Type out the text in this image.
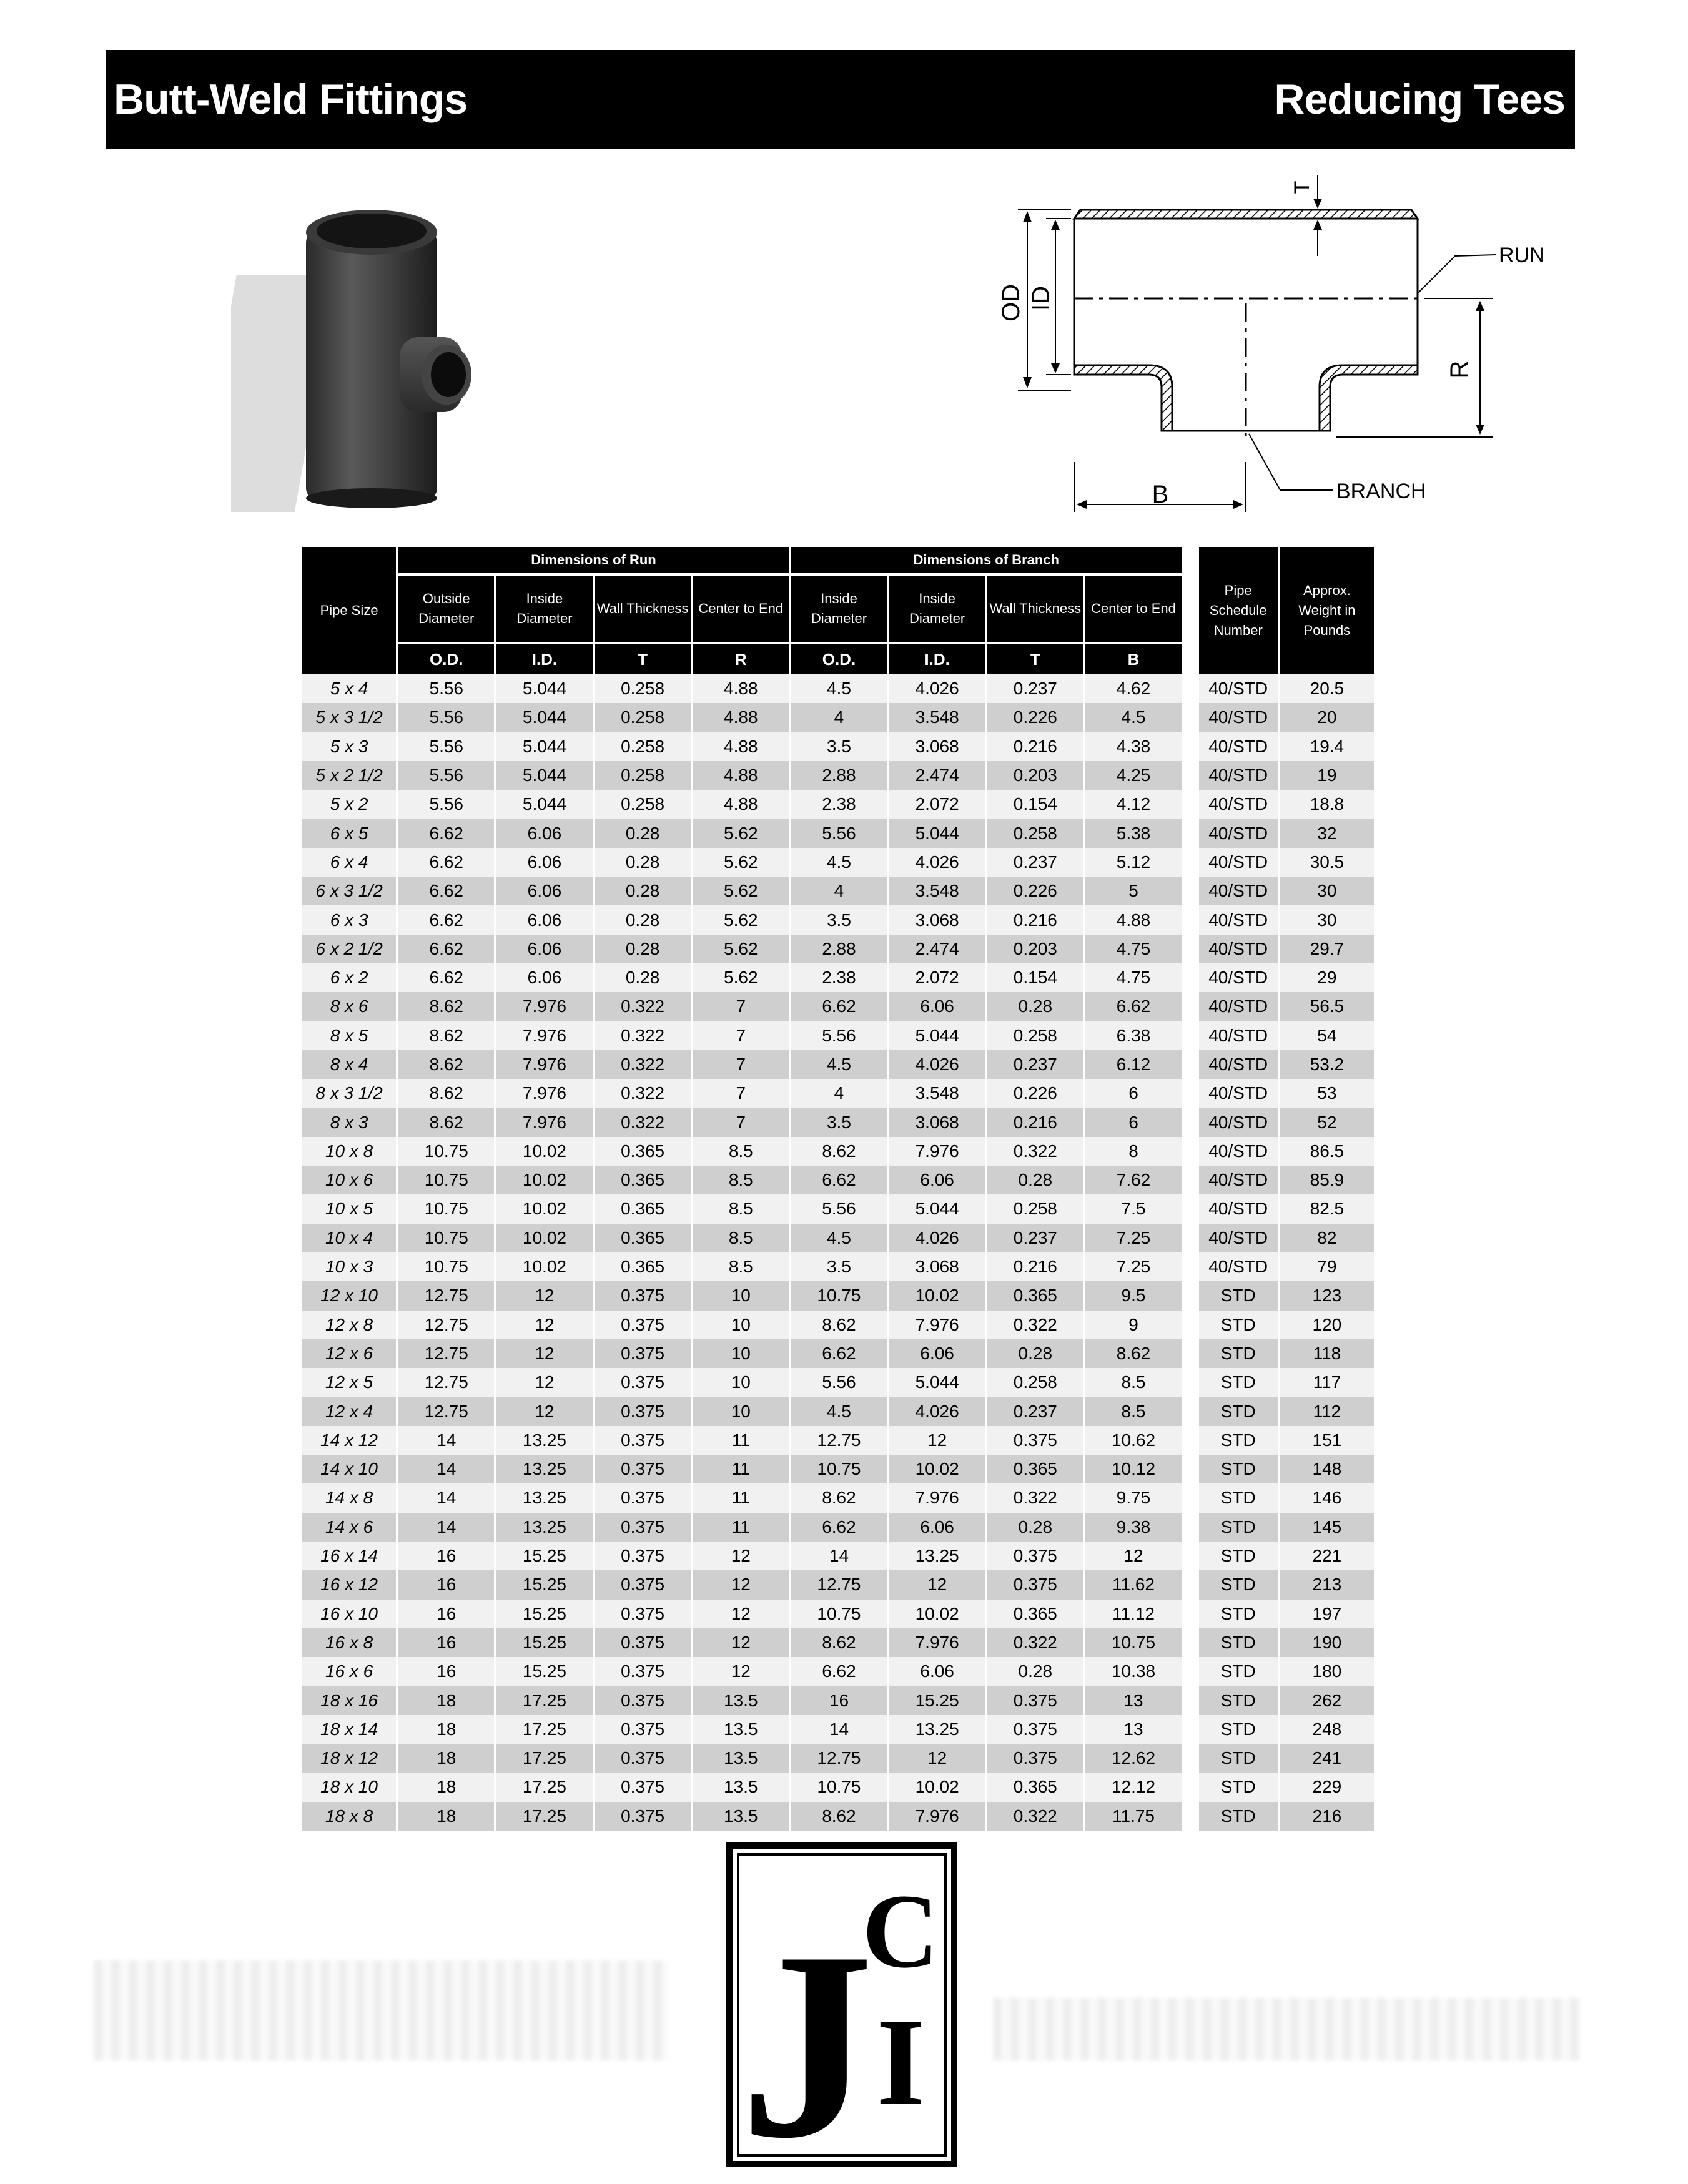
Butt-Weld Fittings	Reducing Tees
OD ID
T
R
B
RUN
BRANCH
Pipe Size	Dimensions of Run				Dimensions of Branch					Pipe Schedule Number	Approx. Weight in Pounds
	Outside Diameter	Inside Diameter	Wall Thickness	Center to End	Inside Diameter	Inside Diameter	Wall Thickness	Center to End			
	O.D.	I.D.	T	R	O.D.	I.D.	T	B			
5 x 4	5.56	5.044	0.258	4.88	4.5	4.026	0.237	4.62		40/STD	20.5
5 x 3 1/2	5.56	5.044	0.258	4.88	4	3.548	0.226	4.5		40/STD	20
5 x 3	5.56	5.044	0.258	4.88	3.5	3.068	0.216	4.38		40/STD	19.4
5 x 2 1/2	5.56	5.044	0.258	4.88	2.88	2.474	0.203	4.25		40/STD	19
5 x 2	5.56	5.044	0.258	4.88	2.38	2.072	0.154	4.12		40/STD	18.8
6 x 5	6.62	6.06	0.28	5.62	5.56	5.044	0.258	5.38		40/STD	32
6 x 4	6.62	6.06	0.28	5.62	4.5	4.026	0.237	5.12		40/STD	30.5
6 x 3 1/2	6.62	6.06	0.28	5.62	4	3.548	0.226	5		40/STD	30
6 x 3	6.62	6.06	0.28	5.62	3.5	3.068	0.216	4.88		40/STD	30
6 x 2 1/2	6.62	6.06	0.28	5.62	2.88	2.474	0.203	4.75		40/STD	29.7
6 x 2	6.62	6.06	0.28	5.62	2.38	2.072	0.154	4.75		40/STD	29
8 x 6	8.62	7.976	0.322	7	6.62	6.06	0.28	6.62		40/STD	56.5
8 x 5	8.62	7.976	0.322	7	5.56	5.044	0.258	6.38		40/STD	54
8 x 4	8.62	7.976	0.322	7	4.5	4.026	0.237	6.12		40/STD	53.2
8 x 3 1/2	8.62	7.976	0.322	7	4	3.548	0.226	6		40/STD	53
8 x 3	8.62	7.976	0.322	7	3.5	3.068	0.216	6		40/STD	52
10 x 8	10.75	10.02	0.365	8.5	8.62	7.976	0.322	8		40/STD	86.5
10 x 6	10.75	10.02	0.365	8.5	6.62	6.06	0.28	7.62		40/STD	85.9
10 x 5	10.75	10.02	0.365	8.5	5.56	5.044	0.258	7.5		40/STD	82.5
10 x 4	10.75	10.02	0.365	8.5	4.5	4.026	0.237	7.25		40/STD	82
10 x 3	10.75	10.02	0.365	8.5	3.5	3.068	0.216	7.25		40/STD	79
12 x 10	12.75	12	0.375	10	10.75	10.02	0.365	9.5		STD	123
12 x 8	12.75	12	0.375	10	8.62	7.976	0.322	9		STD	120
12 x 6	12.75	12	0.375	10	6.62	6.06	0.28	8.62		STD	118
12 x 5	12.75	12	0.375	10	5.56	5.044	0.258	8.5		STD	117
12 x 4	12.75	12	0.375	10	4.5	4.026	0.237	8.5		STD	112
14 x 12	14	13.25	0.375	11	12.75	12	0.375	10.62		STD	151
14 x 10	14	13.25	0.375	11	10.75	10.02	0.365	10.12		STD	148
14 x 8	14	13.25	0.375	11	8.62	7.976	0.322	9.75		STD	146
14 x 6	14	13.25	0.375	11	6.62	6.06	0.28	9.38		STD	145
16 x 14	16	15.25	0.375	12	14	13.25	0.375	12		STD	221
16 x 12	16	15.25	0.375	12	12.75	12	0.375	11.62		STD	213
16 x 10	16	15.25	0.375	12	10.75	10.02	0.365	11.12		STD	197
16 x 8	16	15.25	0.375	12	8.62	7.976	0.322	10.75		STD	190
16 x 6	16	15.25	0.375	12	6.62	6.06	0.28	10.38		STD	180
18 x 16	18	17.25	0.375	13.5	16	15.25	0.375	13		STD	262
18 x 14	18	17.25	0.375	13.5	14	13.25	0.375	13		STD	248
18 x 12	18	17.25	0.375	13.5	12.75	12	0.375	12.62		STD	241
18 x 10	18	17.25	0.375	13.5	10.75	10.02	0.365	12.12		STD	229
18 x 8	18	17.25	0.375	13.5	8.62	7.976	0.322	11.75		STD	216
J
C
I
